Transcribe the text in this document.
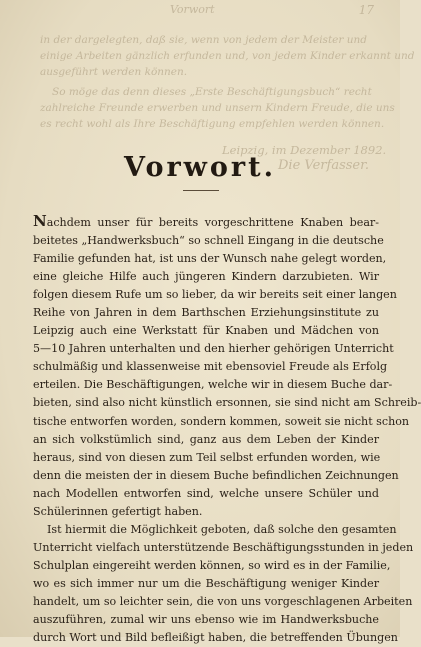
17
Vorwort
in der dargelegten, daß sie, wenn von jedem der Meister und
einige Arbeiten gänzlich erfunden und, von jedem Kinder erkannt und
ausgeführt werden können.
So möge das denn dieses „Erste Beschäftigungsbuch“ recht
zahlreiche Freunde erwerben und unsern Kindern Freude, die uns
es recht wohl als Ihre Beschäftigung empfehlen werden können.
Leipzig, im Dezember 1892.
Die Verfasser.
Vorwort.

Nachdem unser für bereits vorgeschrittene Knaben bear-
beitetes „Handwerksbuch“ so schnell Eingang in die deutsche
Familie gefunden hat, ist uns der Wunsch nahe gelegt worden,
eine gleiche Hilfe auch jüngeren Kindern darzubieten. Wir
folgen diesem Rufe um so lieber, da wir bereits seit einer langen
Reihe von Jahren in dem Barthschen Erziehungsinstitute zu
Leipzig auch eine Werkstatt für Knaben und Mädchen von
5—10 Jahren unterhalten und den hierher gehörigen Unterricht
schulmäßig und klassenweise mit ebensoviel Freude als Erfolg
erteilen. Die Beschäftigungen, welche wir in diesem Buche dar-
bieten, sind also nicht künstlich ersonnen, sie sind nicht am Schreib-
tische entworfen worden, sondern kommen, soweit sie nicht schon
an sich volkstümlich sind, ganz aus dem Leben der Kinder
heraus, sind von diesen zum Teil selbst erfunden worden, wie
denn die meisten der in diesem Buche befindlichen Zeichnungen
nach Modellen entworfen sind, welche unsere Schüler und
Schülerinnen gefertigt haben.

Ist hiermit die Möglichkeit geboten, daß solche den gesamten
Unterricht vielfach unterstützende Beschäftigungsstunden in jeden
Schulplan eingereiht werden können, so wird es in der Familie,
wo es sich immer nur um die Beschäftigung weniger Kinder
handelt, um so leichter sein, die von uns vorgeschlagenen Arbeiten
auszuführen, zumal wir uns ebenso wie im Handwerksbuche
durch Wort und Bild befleißigt haben, die betreffenden Übungen
